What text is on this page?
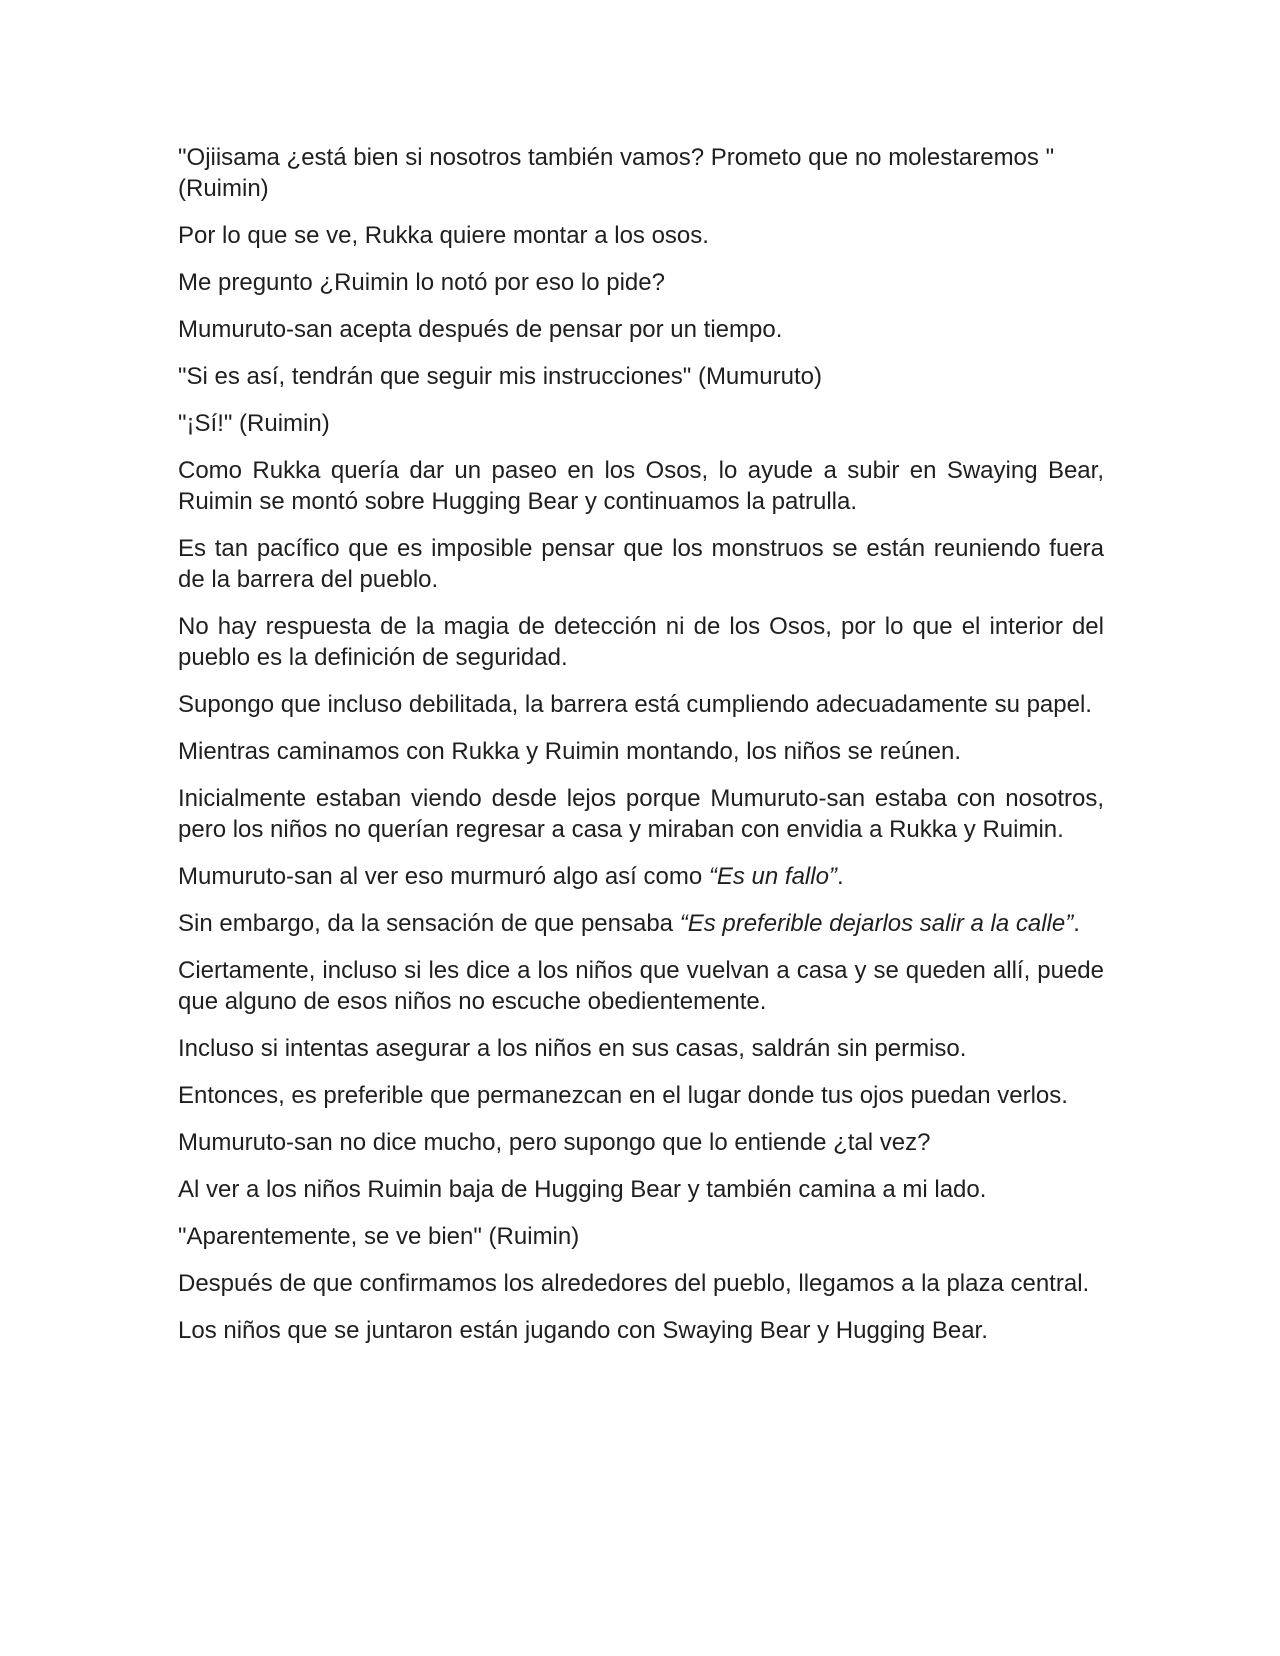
"Ojiisama ¿está bien si nosotros también vamos? Prometo que no molestaremos " (Ruimin)

Por lo que se ve, Rukka quiere montar a los osos.

Me pregunto ¿Ruimin lo notó por eso lo pide?

Mumuruto-san acepta después de pensar por un tiempo.

"Si es así, tendrán que seguir mis instrucciones" (Mumuruto)

"¡Sí!" (Ruimin)

Como Rukka quería dar un paseo en los Osos, lo ayude a subir en Swaying Bear, Ruimin se montó sobre Hugging Bear y continuamos la patrulla.

Es tan pacífico que es imposible pensar que los monstruos se están reuniendo fuera de la barrera del pueblo.

No hay respuesta de la magia de detección ni de los Osos, por lo que el interior del pueblo es la definición de seguridad.

Supongo que incluso debilitada, la barrera está cumpliendo adecuadamente su papel.

Mientras caminamos con Rukka y Ruimin montando, los niños se reúnen.

Inicialmente estaban viendo desde lejos porque Mumuruto-san estaba con nosotros, pero los niños no querían regresar a casa y miraban con envidia a Rukka y Ruimin.

Mumuruto-san al ver eso murmuró algo así como “Es un fallo”.

Sin embargo, da la sensación de que pensaba “Es preferible dejarlos salir a la calle”.

Ciertamente, incluso si les dice a los niños que vuelvan a casa y se queden allí, puede que alguno de esos niños no escuche obedientemente.

Incluso si intentas asegurar a los niños en sus casas, saldrán sin permiso.

Entonces, es preferible que permanezcan en el lugar donde tus ojos puedan verlos.

Mumuruto-san no dice mucho, pero supongo que lo entiende ¿tal vez?

Al ver a los niños Ruimin baja de Hugging Bear y también camina a mi lado.

"Aparentemente, se ve bien" (Ruimin)

Después de que confirmamos los alrededores del pueblo, llegamos a la plaza central.

Los niños que se juntaron están jugando con Swaying Bear y Hugging Bear.
